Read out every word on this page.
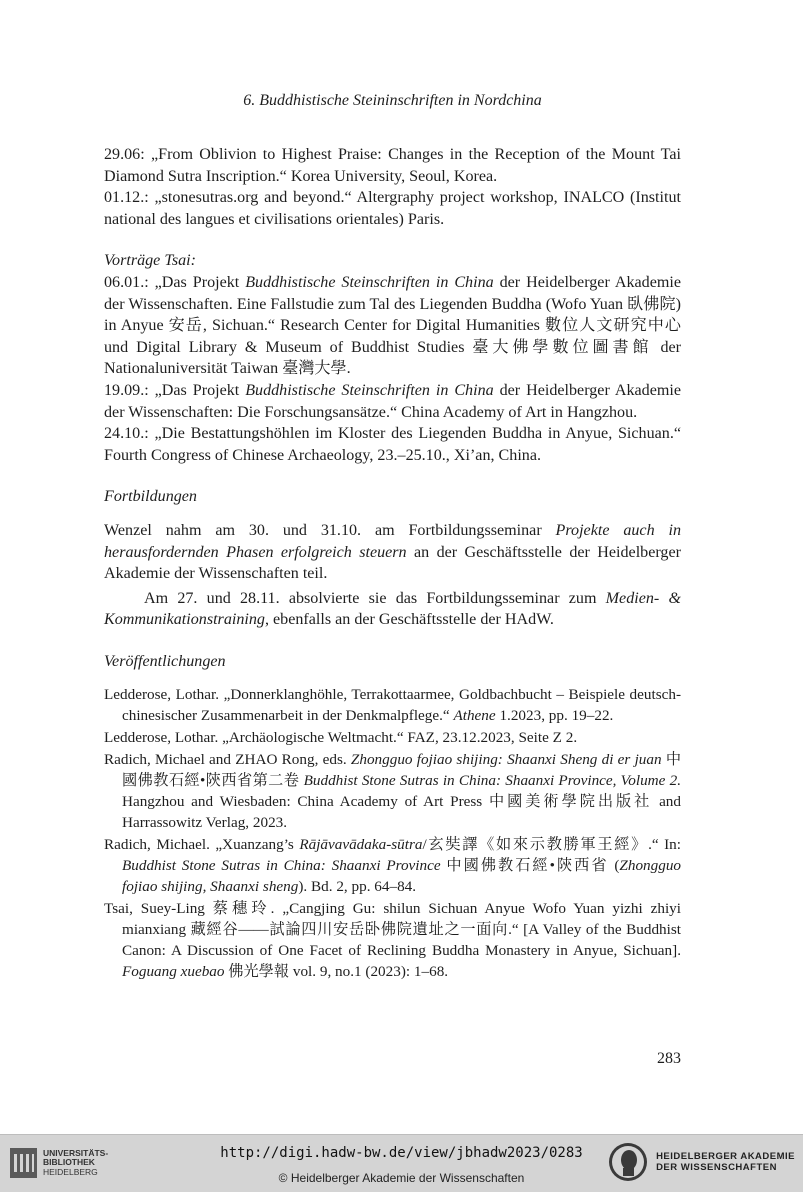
6. Buddhistische Steininschriften in Nordchina

29.06: „From Oblivion to Highest Praise: Changes in the Reception of the Mount Tai Diamond Sutra Inscription.“ Korea University, Seoul, Korea.

01.12.: „stonesutras.org and beyond.“ Altergraphy project workshop, INALCO (Institut national des langues et civilisations orientales) Paris.

Vorträge Tsai:

06.01.: „Das Projekt Buddhistische Steinschriften in China der Heidelberger Akademie der Wissenschaften. Eine Fallstudie zum Tal des Liegenden Buddha (Wofo Yuan 臥佛院) in Anyue 安岳, Sichuan.“ Research Center for Digital Humanities 數位人文研究中心und Digital Library & Museum of Buddhist Studies 臺大佛學數位圖書館 der Nationaluniversität Taiwan 臺灣大學.

19.09.: „Das Projekt Buddhistische Steinschriften in China der Heidelberger Akademie der Wissenschaften: Die Forschungsansätze.“ China Academy of Art in Hangzhou.

24.10.: „Die Bestattungshöhlen im Kloster des Liegenden Buddha in Anyue, Sichuan.“ Fourth Congress of Chinese Archaeology, 23.–25.10., Xi’an, China.

Fortbildungen

Wenzel nahm am 30. und 31.10. am Fortbildungsseminar Projekte auch in herausfordernden Phasen erfolgreich steuern an der Geschäftsstelle der Heidelberger Akademie der Wissenschaften teil.

Am 27. und 28.11. absolvierte sie das Fortbildungsseminar zum Medien- & Kommunikationstraining, ebenfalls an der Geschäftsstelle der HAdW.

Veröffentlichungen

Ledderose, Lothar. „Donnerklanghöhle, Terrakottaarmee, Goldbachbucht – Beispiele deutsch-chinesischer Zusammenarbeit in der Denkmalpflege.“ Athene 1.2023, pp. 19–22.

Ledderose, Lothar. „Archäologische Weltmacht.“ FAZ, 23.12.2023, Seite Z 2.

Radich, Michael and ZHAO Rong, eds. Zhongguo fojiao shijing: Shaanxi Sheng di er juan 中國佛教石經•陝西省第二卷 Buddhist Stone Sutras in China: Shaanxi Province, Volume 2. Hangzhou and Wiesbaden: China Academy of Art Press 中國美術學院出版社 and Harrassowitz Verlag, 2023.

Radich, Michael. „Xuanzang’s Rājāvavādaka-sūtra/玄奘譯《如來示教勝軍王經》.“ In: Buddhist Stone Sutras in China: Shaanxi Province 中國佛教石經•陝西省 (Zhongguo fojiao shijing, Shaanxi sheng). Bd. 2, pp. 64–84.

Tsai, Suey-Ling 蔡穗玲. „Cangjing Gu: shilun Sichuan Anyue Wofo Yuan yizhi zhiyi mianxiang 藏經谷——試論四川安岳卧佛院遺址之一面向.“ [A Valley of the Buddhist Canon: A Discussion of One Facet of Reclining Buddha Monastery in Anyue, Sichuan]. Foguang xuebao 佛光學報 vol. 9, no.1 (2023): 1–68.

283
UNIVERSITÄTS-
BIBLIOTHEK
HEIDELBERG
http://digi.hadw-bw.de/view/jbhadw2023/0283
© Heidelberger Akademie der Wissenschaften
HEIDELBERGER AKADEMIE
DER WISSENSCHAFTEN
